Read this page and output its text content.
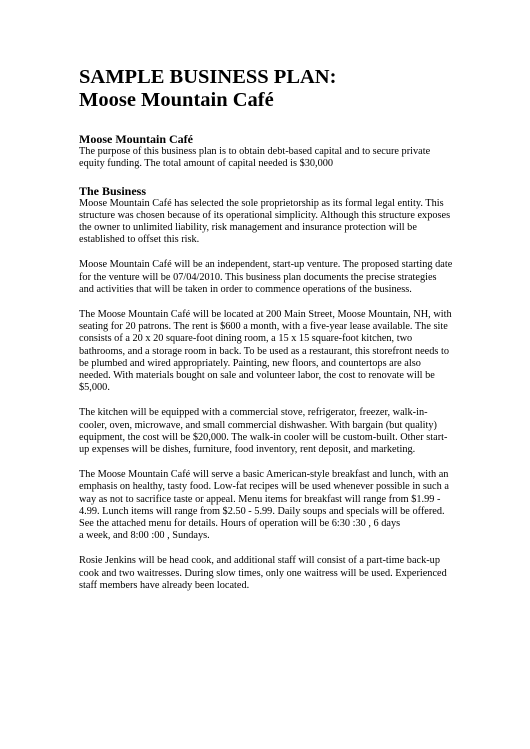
SAMPLE BUSINESS PLAN:
Moose Mountain Café
Moose Mountain Café

The purpose of this business plan is to obtain debt-based capital and to secure private
equity funding. The total amount of capital needed is $30,000

The Business

Moose Mountain Café has selected the sole proprietorship as its formal legal entity. This
structure was chosen because of its operational simplicity. Although this structure exposes
the owner to unlimited liability, risk management and insurance protection will be
established to offset this risk.

Moose Mountain Café will be an independent, start-up venture. The proposed starting date
for the venture will be 07/04/2010. This business plan documents the precise strategies
and activities that will be taken in order to commence operations of the business.

The Moose Mountain Café will be located at 200 Main Street, Moose Mountain, NH, with
seating for 20 patrons. The rent is $600 a month, with a five-year lease available. The site
consists of a 20 x 20 square-foot dining room, a 15 x 15 square-foot kitchen, two
bathrooms, and a storage room in back. To be used as a restaurant, this storefront needs to
be plumbed and wired appropriately. Painting, new floors, and countertops are also
needed. With materials bought on sale and volunteer labor, the cost to renovate will be
$5,000.

The kitchen will be equipped with a commercial stove, refrigerator, freezer, walk-in-
cooler, oven, microwave, and small commercial dishwasher. With bargain (but quality)
equipment, the cost will be $20,000. The walk-in cooler will be custom-built. Other start-
up expenses will be dishes, furniture, food inventory, rent deposit, and marketing.

The Moose Mountain Café will serve a basic American-style breakfast and lunch, with an
emphasis on healthy, tasty food. Low-fat recipes will be used whenever possible in such a
way as not to sacrifice taste or appeal. Menu items for breakfast will range from $1.99 -
4.99. Lunch items will range from $2.50 - 5.99. Daily soups and specials will be offered.
See the attached menu for details. Hours of operation will be 6:30 :30 , 6 days
a week, and 8:00 :00 , Sundays.

Rosie Jenkins will be head cook, and additional staff will consist of a part-time back-up
cook and two waitresses. During slow times, only one waitress will be used. Experienced
staff members have already been located.
